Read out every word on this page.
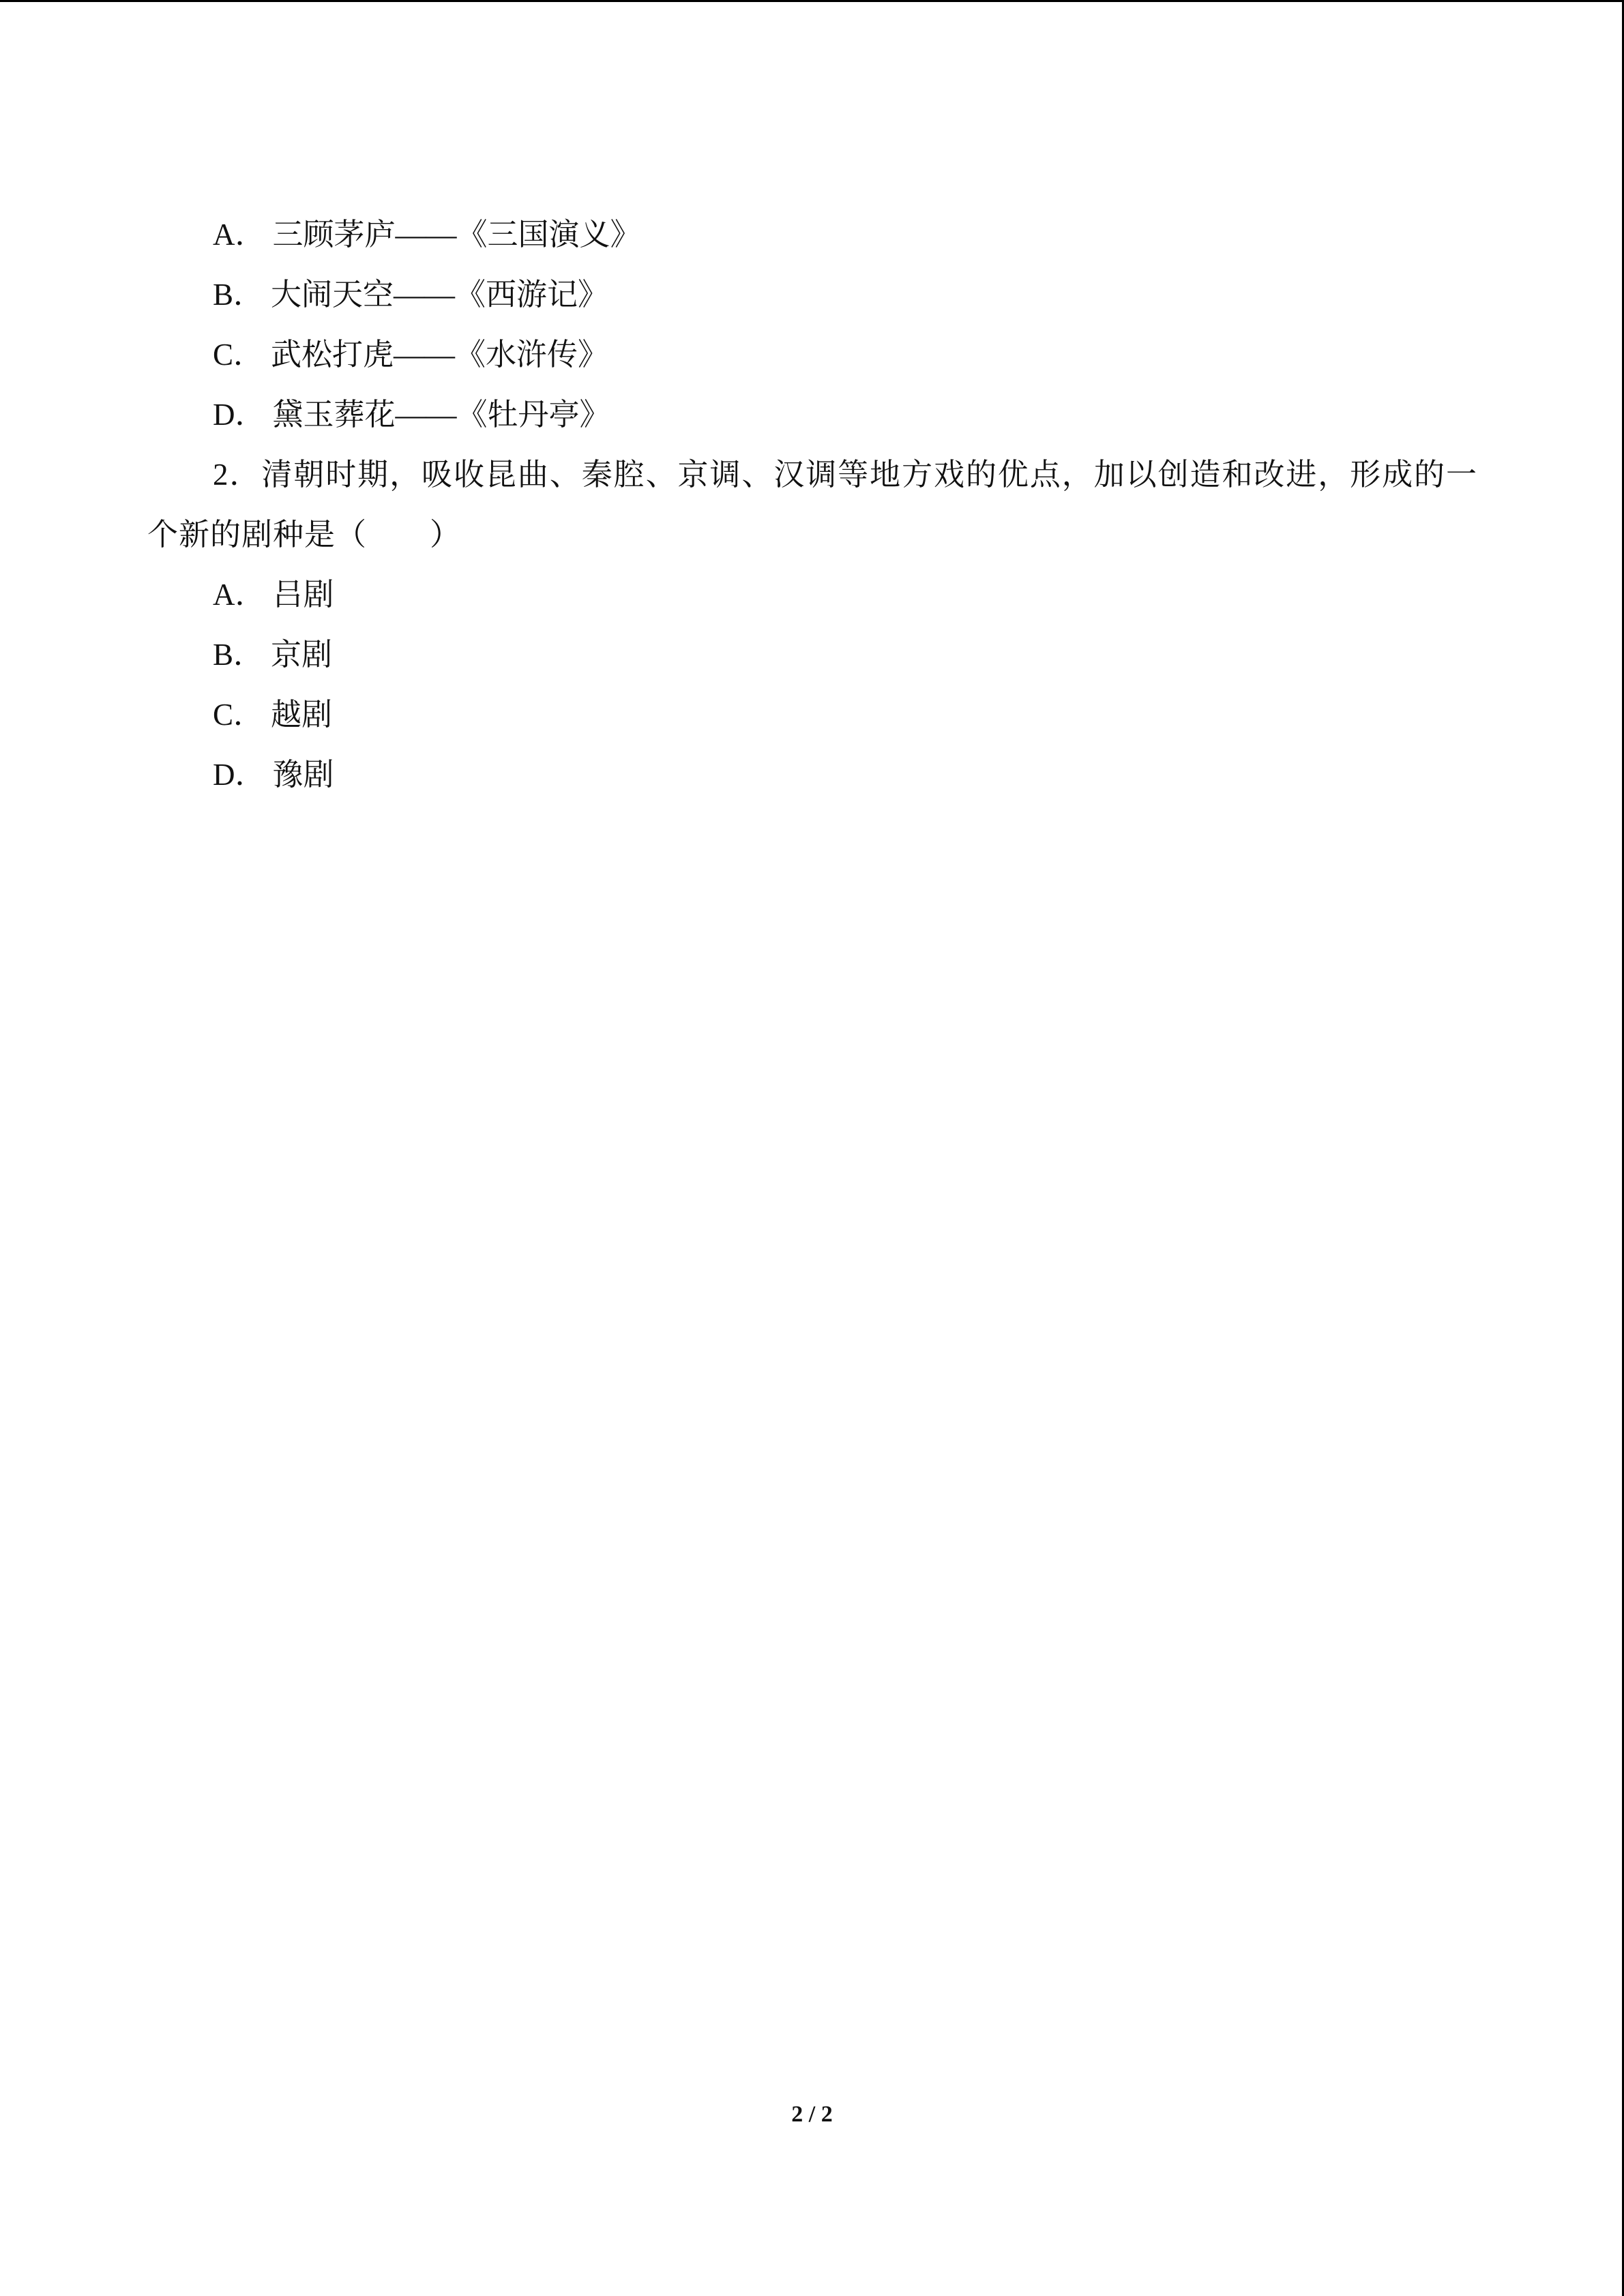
A． 三顾茅庐——《三国演义》
B． 大闹天空——《西游记》
C． 武松打虎——《水浒传》
D． 黛玉葬花——《牡丹亭》
2．清朝时期，吸收昆曲、秦腔、京调、汉调等地方戏的优点，加以创造和改进，形成的一个新的剧种是（　　）
A． 吕剧
B． 京剧
C． 越剧
D． 豫剧
2 / 2
